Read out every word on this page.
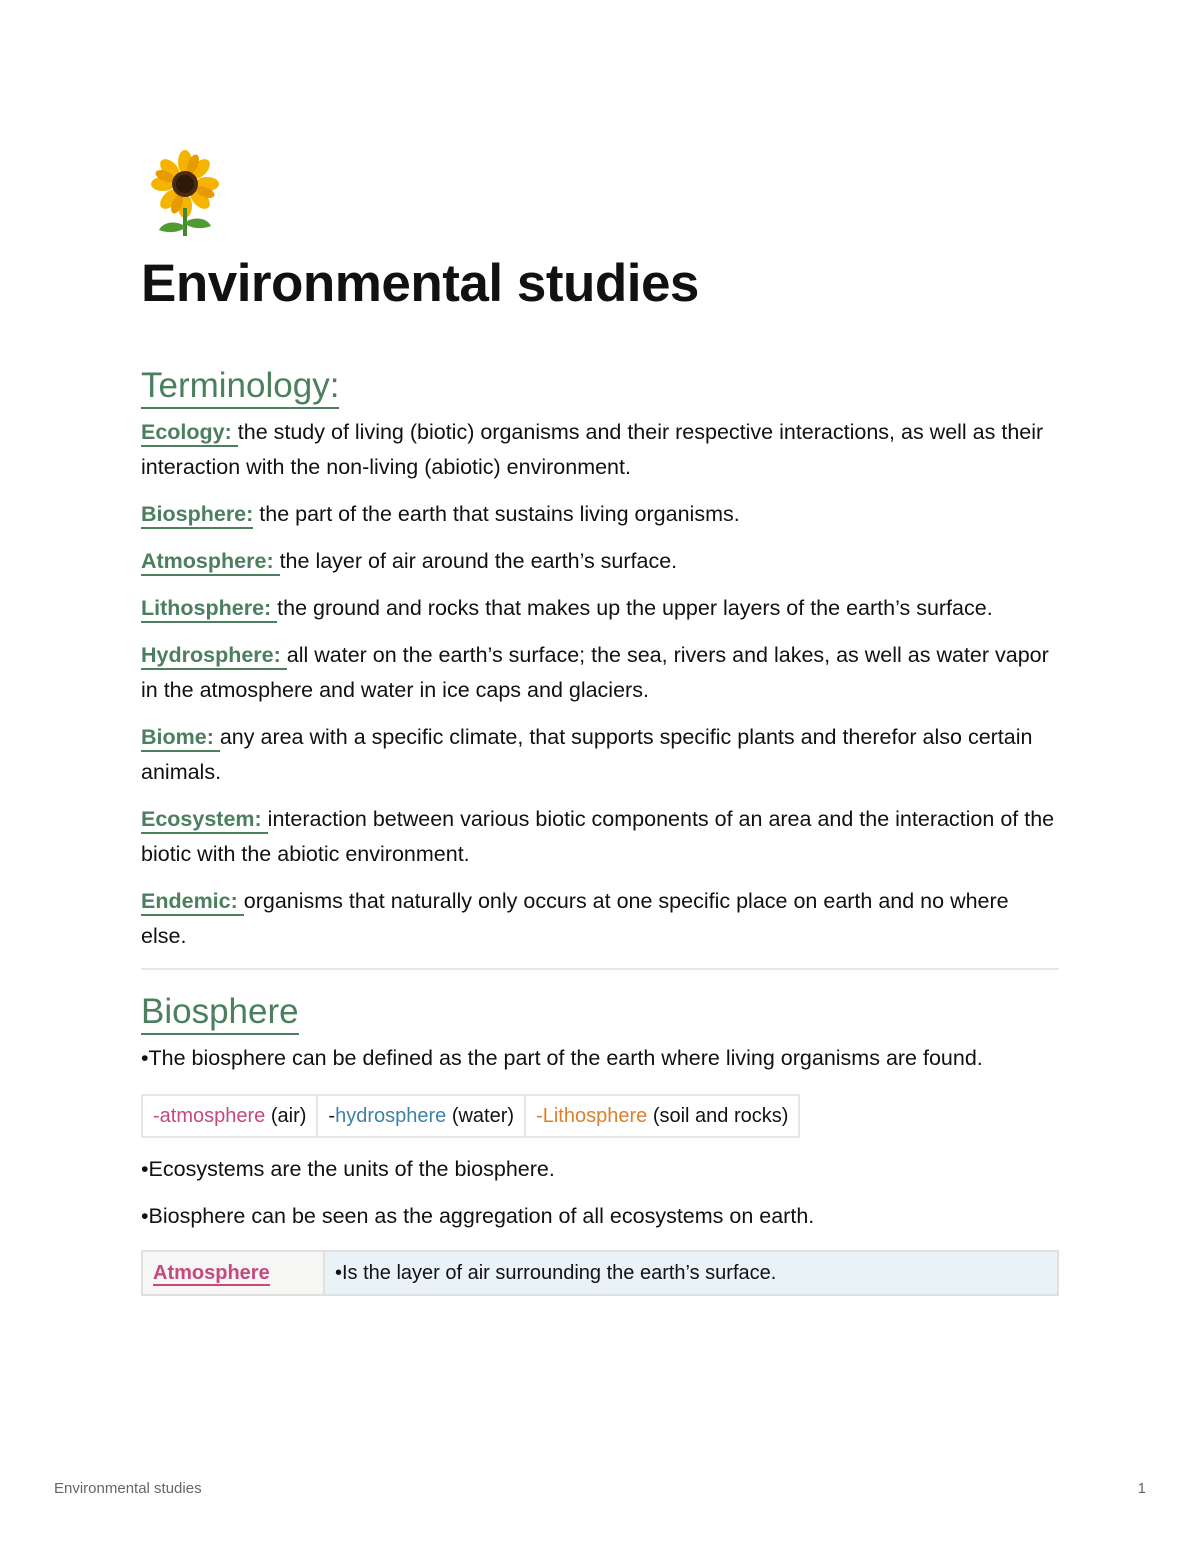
Environmental studies
Terminology:

Ecology: the study of living (biotic) organisms and their respective interactions, as well as their interaction with the non-living (abiotic) environment.

Biosphere: the part of the earth that sustains living organisms.

Atmosphere: the layer of air around the earth’s surface.

Lithosphere: the ground and rocks that makes up the upper layers of the earth’s surface.

Hydrosphere: all water on the earth’s surface; the sea, rivers and lakes, as well as water vapor in the atmosphere and water in ice caps and glaciers.

Biome: any area with a specific climate, that supports specific plants and therefor also certain animals.

Ecosystem: interaction between various biotic components of an area and the interaction of the biotic with the abiotic environment.

Endemic: organisms that naturally only occurs at one specific place on earth and no where else.

Biosphere

•The biosphere can be defined as the part of the earth where living organisms are found.

-atmosphere (air)	-hydrosphere (water)	-Lithosphere (soil and rocks)

•Ecosystems are the units of the biosphere.

•Biosphere can be seen as the aggregation of all ecosystems on earth.

Atmosphere	•Is the layer of air surrounding the earth’s surface.
Environmental studies	1
